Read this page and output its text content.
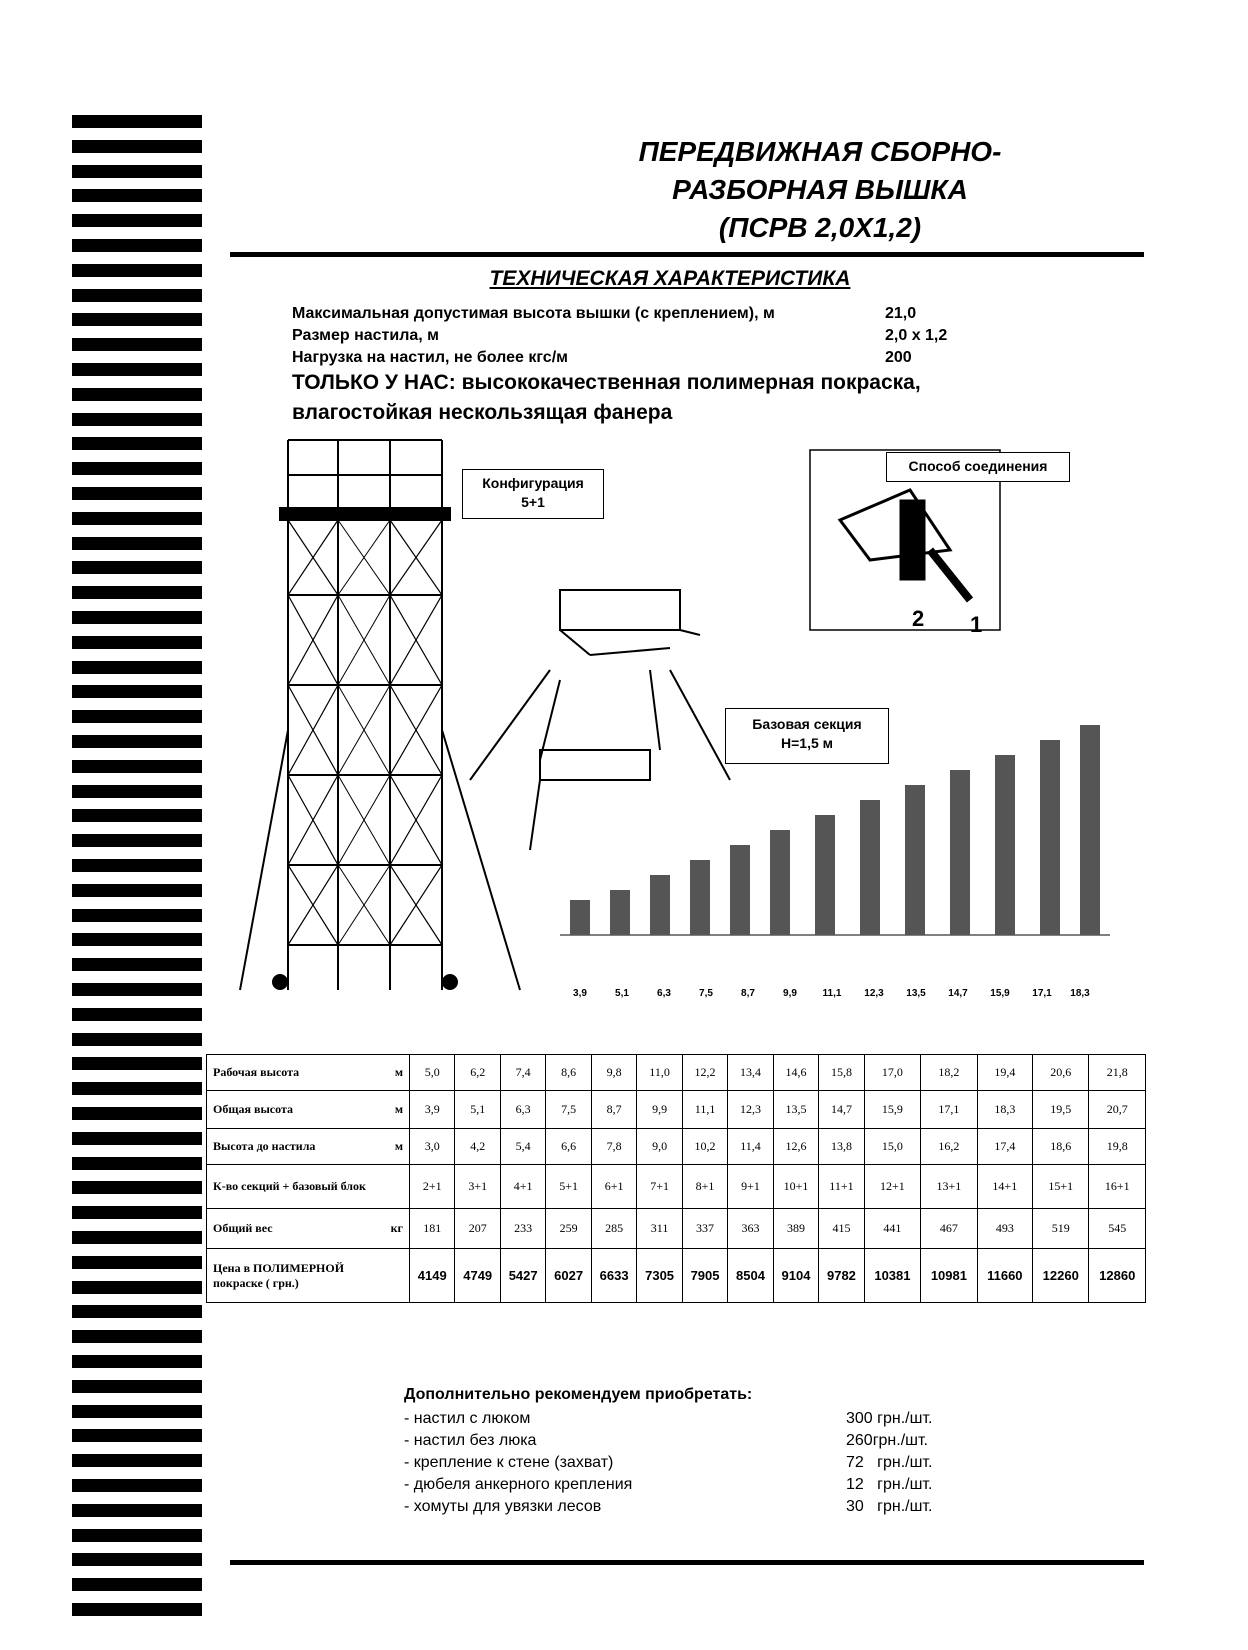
ПЕРЕДВИЖНАЯ СБОРНО-
РАЗБОРНАЯ ВЫШКА
(ПСРВ 2,0Х1,2)
ТЕХНИЧЕСКАЯ ХАРАКТЕРИСТИКА
Максимальная допустимая высота вышки (с креплением), м	21,0
Размер настила, м	2,0 х 1,2
Нагрузка на настил, не более кгс/м	200
ТОЛЬКО У НАС: высококачественная полимерная покраска,
влагостойкая нескользящая фанера
Конфигурация
5+1
Способ соединения
Базовая секция
Н=1,5 м
1
2
3,9	5,1	6,3	7,5	8,7	9,9	11,1	12,3	13,5	14,7	15,9	17,1	18,3
Рабочая высота	м	5,0	6,2	7,4	8,6	9,8	11,0	12,2	13,4	14,6	15,8	17,0	18,2	19,4	20,6	21,8
Общая высота	м	3,9	5,1	6,3	7,5	8,7	9,9	11,1	12,3	13,5	14,7	15,9	17,1	18,3	19,5	20,7
Высота до настила	м	3,0	4,2	5,4	6,6	7,8	9,0	10,2	11,4	12,6	13,8	15,0	16,2	17,4	18,6	19,8
К-во секций + базовый блок		2+1	3+1	4+1	5+1	6+1	7+1	8+1	9+1	10+1	11+1	12+1	13+1	14+1	15+1	16+1
Общий вес	кг	181	207	233	259	285	311	337	363	389	415	441	467	493	519	545
Цена в ПОЛИМЕРНОЙ покраске ( грн.)		4149	4749	5427	6027	6633	7305	7905	8504	9104	9782	10381	10981	11660	12260	12860
Дополнительно рекомендуем приобретать:
- настил с люком	300 грн./шт.
- настил без люка	260грн./шт.
- крепление к стене (захват)	72   грн./шт.
- дюбеля анкерного крепления	12   грн./шт.
- хомуты для увязки лесов	30   грн./шт.
